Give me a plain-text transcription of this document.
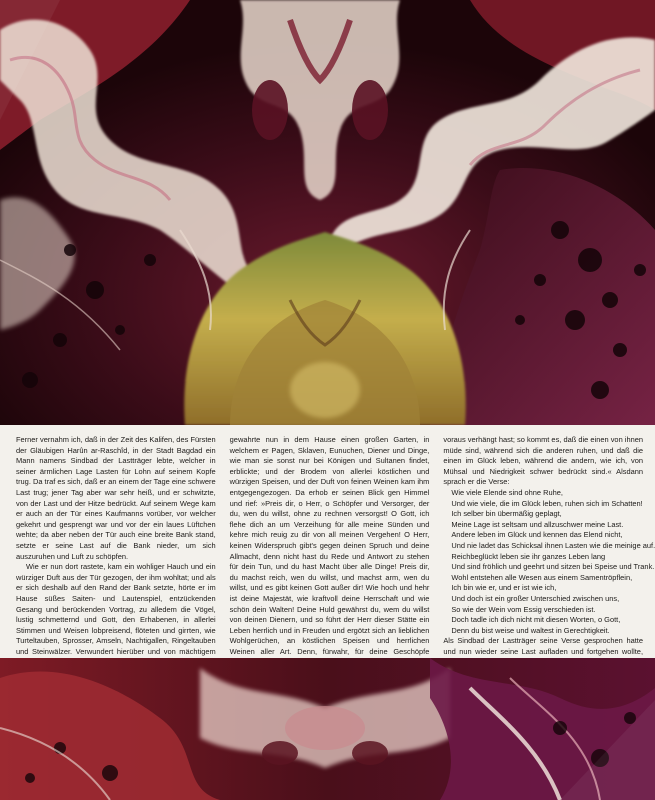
Ferner vernahm ich, daß in der Zeit des Kalifen, des Fürsten der Gläubigen Harûn ar-Raschîd, in der Stadt Bagdad ein Mann namens Sindbad der Lastträger lebte, welcher in seiner ärmlichen Lage Lasten für Lohn auf seinem Kopfe trug. Da traf es sich, daß er an einem der Tage eine schwere Last trug; jener Tag aber war sehr heiß, und er schwitzte, von der Last und der Hitze bedrückt. Auf seinem Wege kam er auch an der Tür eines Kaufmanns vorüber, vor welcher gekehrt und gesprengt war und vor der ein laues Lüftchen wehte; da aber neben der Tür auch eine breite Bank stand, setzte er seine Last auf die Bank nieder, um sich auszuruhen und Luft zu schöpfen.

Wie er nun dort rastete, kam ein wohliger Hauch und ein würziger Duft aus der Tür gezogen, der ihm wohltat; und als er sich deshalb auf den Rand der Bank setzte, hörte er im Hause süßes Saiten- und Lautenspiel, entzückenden Gesang und berückenden Vortrag, zu alledem die Vögel, lustig schmetternd und Gott, den Erhabenen, in allerlei Stimmen und Weisen lobpreisend, flöteten und girrten, wie Turteltauben, Sprosser, Amseln, Nachtigallen, Ringeltauben und Steinwälzer. Verwundert hierüber und von mächtigem

gewahrte nun in dem Hause einen großen Garten, in welchem er Pagen, Sklaven, Eunuchen, Diener und Dinge, wie man sie sonst nur bei Königen und Sultanen findet, erblickte; und der Brodem von allerlei köstlichen und würzigen Speisen, und der Duft von feinen Weinen kam ihm entgegengezogen. Da erhob er seinen Blick gen Himmel und rief: »Preis dir, o Herr, o Schöpfer und Versorger, der du, wen du willst, ohne zu rechnen versorgst! O Gott, ich flehe dich an um Verzeihung für alle meine Sünden und kehre mich reuig zu dir von all meinen Vergehen! O Herr, keinen Widerspruch gibt's gegen deinen Spruch und deine Allmacht, denn nicht hast du Rede und Antwort zu stehen für dein Tun, und du hast Macht über alle Dinge! Preis dir, du machst reich, wen du willst, und machst arm, wen du willst, und es gibt keinen Gott außer dir! Wie hoch und hehr ist deine Majestät, wie kraftvoll deine Herrschaft und wie schön dein Walten! Deine Huld gewährst du, wem du willst von deinen Dienern, und so führt der Herr dieser Stätte ein Leben herrlich und in Freuden und ergötzt sich an lieblichen Wohlgerüchen, an köstlichen Speisen und herrlichen Weinen aller Art. Denn, fürwahr, für deine Geschöpfe

voraus verhängt hast; so kommt es, daß die einen von ihnen müde sind, während sich die anderen ruhen, und daß die einen im Glück leben, während die andern, wie ich, von Mühsal und Niedrigkeit schwer bedrückt sind.« Alsdann sprach er die Verse:

Wie viele Elende sind ohne Ruhe,
Und wie viele, die im Glück leben, ruhen sich im Schatten!
Ich selber bin übermäßig geplagt,
Meine Lage ist seltsam und allzuschwer meine Last.
Andere leben im Glück und kennen das Elend nicht,
Und nie ladet das Schicksal ihnen Lasten wie die meinige auf.
Reichbeglückt leben sie ihr ganzes Leben lang
Und sind fröhlich und geehrt und sitzen bei Speise und Trank.
Wohl entstehen alle Wesen aus einem Samentröpflein,
Ich bin wie er, und er ist wie ich,
Und doch ist ein großer Unterschied zwischen uns,
So wie der Wein vom Essig verschieden ist.
Doch tadle ich dich nicht mit diesen Worten, o Gott,
Denn du bist weise und waltest in Gerechtigkeit.

Als Sindbad der Lastträger seine Verse gesprochen hatte und nun wieder seine Last aufladen und fortgehen wollte,
